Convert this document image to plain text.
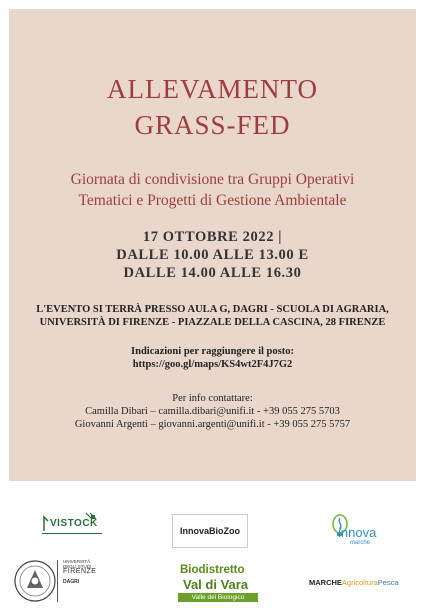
ALLEVAMENTO
GRASS-FED
Giornata di condivisione tra Gruppi Operativi
Tematici e Progetti di Gestione Ambientale
17 OTTOBRE 2022 |
DALLE 10.00 ALLE 13.00 E
DALLE 14.00 ALLE 16.30
L'EVENTO SI TERRÀ PRESSO AULA G, DAGRI - SCUOLA DI AGRARIA,
UNIVERSITÀ DI FIRENZE - PIAZZALE DELLA CASCINA, 28 FIRENZE
Indicazioni per raggiungere il posto:
https://goo.gl/maps/KS4wt2F4J7G2
Per info contattare:
Camilla Dibari – camilla.dibari@unifi.it - +39 055 275 5703
Giovanni Argenti – giovanni.argenti@unifi.it - +39 055 275 5757
VISTOCK
InnovaBioZoo	innova
marche
UNIVERSITÀ
DEGLI STUDI
FIRENZE
DAGRI
Biodistretto
Val di Vara
Valle del Biologico
MARCHEAgricolturaPesca
